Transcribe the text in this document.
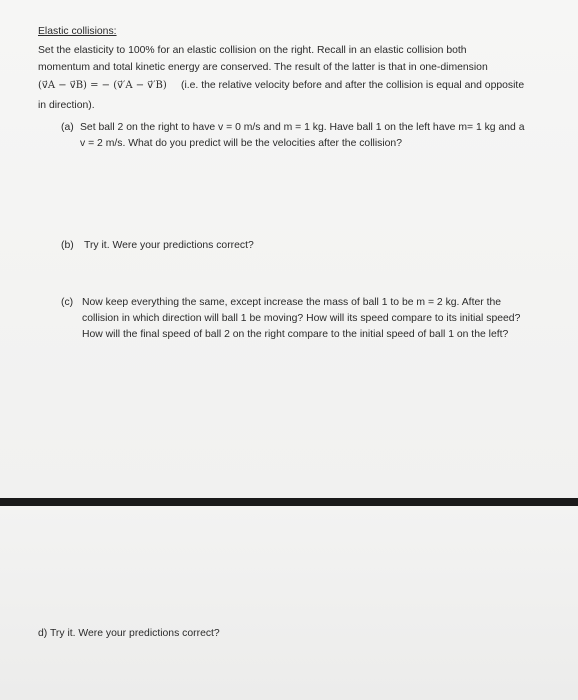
Elastic collisions:
Set the elasticity to 100% for an elastic collision on the right. Recall in an elastic collision both
momentum and total kinetic energy are conserved. The result of the latter is that in one-dimension
(v⃗A − v⃗B) = − (v⃗′A − v⃗′B) (i.e. the relative velocity before and after the collision is equal and opposite
in direction).
(a) Set ball 2 on the right to have v = 0 m/s and m = 1 kg. Have ball 1 on the left have m= 1 kg and a
v = 2 m/s. What do you predict will be the velocities after the collision?
(b) Try it. Were your predictions correct?
(c) Now keep everything the same, except increase the mass of ball 1 to be m = 2 kg. After the
collision in which direction will ball 1 be moving? How will its speed compare to its initial speed?
How will the final speed of ball 2 on the right compare to the initial speed of ball 1 on the left?
d) Try it. Were your predictions correct?
